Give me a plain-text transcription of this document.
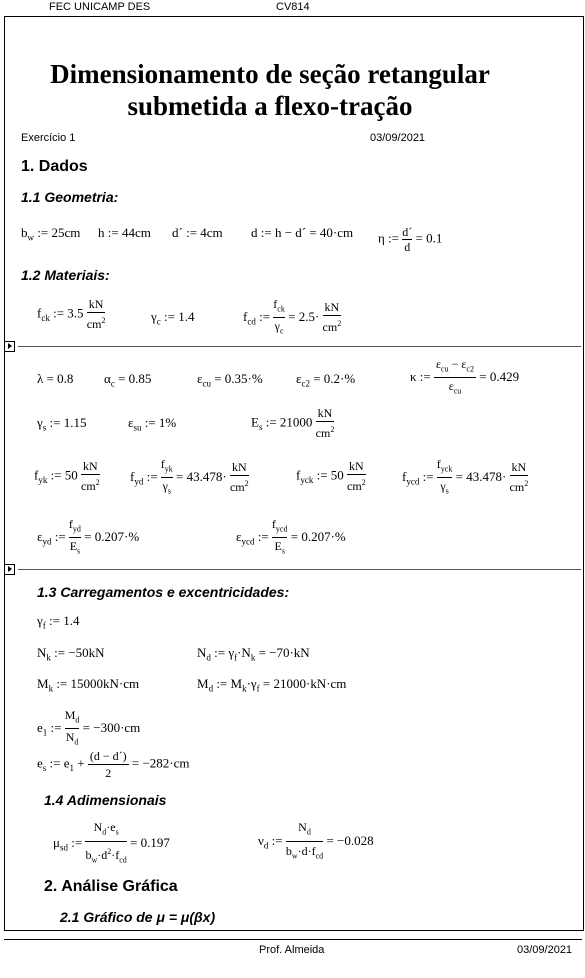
FEC UNICAMP DES	CV814
Dimensionamento de seção retangular
submetida a flexo-tração
Exercício 1	03/09/2021
1. Dados
1.1 Geometria:
$b_w$ := 25cm h := 44cm d´ := 4cm d := h − d´ = 40·cm η := $\frac{d´}{d} = 0.1$
1.2 Materiais:
$f_{ck}$ := $3.5 \frac{kN}{cm^2}$	$\gamma_c$ := 1.4	$f_{cd}$ :=
$f_{ck}$
$\gamma_c$
= $2.5\cdot \frac{kN}{cm^2}$
λ = 0.8 $\alpha_c = 0.85$	$\varepsilon_{cu} = 0.35\cdot\%$	$\varepsilon_{c2} = 0.2\cdot\%$	κ :=
$\varepsilon_{cu} - \varepsilon_{c2}$
$\varepsilon_{cu}$
= 0.429
$\gamma_s$ := 1.15	$\varepsilon_{su}$ := 1%	$E_s$ := $21000 \frac{kN}{cm^2}$
$f_{yk}$ := $50 \frac{kN}{cm^2} f_{yd}$ :=
$f_{yk}$
$\gamma_s$
= $43.478\cdot \frac{kN}{cm^2}$	$f_{yck}$ := $50 \frac{kN}{cm^2}$	$f_{ycd}$ :=
$f_{yck}$
$\gamma_s$
= $43.478\cdot \frac{kN}{cm^2}$
$\varepsilon_{yd}$ :=
$f_{yd}$
$E_s$
= 0.207·%	$\varepsilon_{ycd}$ :=
$f_{ycd}$
$E_s$
= 0.207·%
1.3 Carregamentos e excentricidades:
$\gamma_f$ := 1.4
$N_k$ := −50kN	$N_d$ := $\gamma_f\cdot N_k = -70\cdot kN$
$M_k$ := 15000kN·cm	$M_d$ := $M_k\cdot\gamma_f = 21000\cdot kN\cdot cm$
$e_1$ := $\frac{M_d}{N_d} = -300\cdot cm$
$e_s$ := $e_1 + \frac{(d - d´)}{2} = -282\cdot cm$
1.4 Adimensionais
$\mu_{sd}$ :=
$N_d\cdot e_s$
$b_w\cdot d^2\cdot f_{cd}$
= 0.197	$\nu_d$ :=
$N_d$
$b_w\cdot d\cdot f_{cd}$
= −0.028
2. Análise Gráfica
2.1 Gráfico de μ = μ(βx)
Prof. Almeida	03/09/2021
